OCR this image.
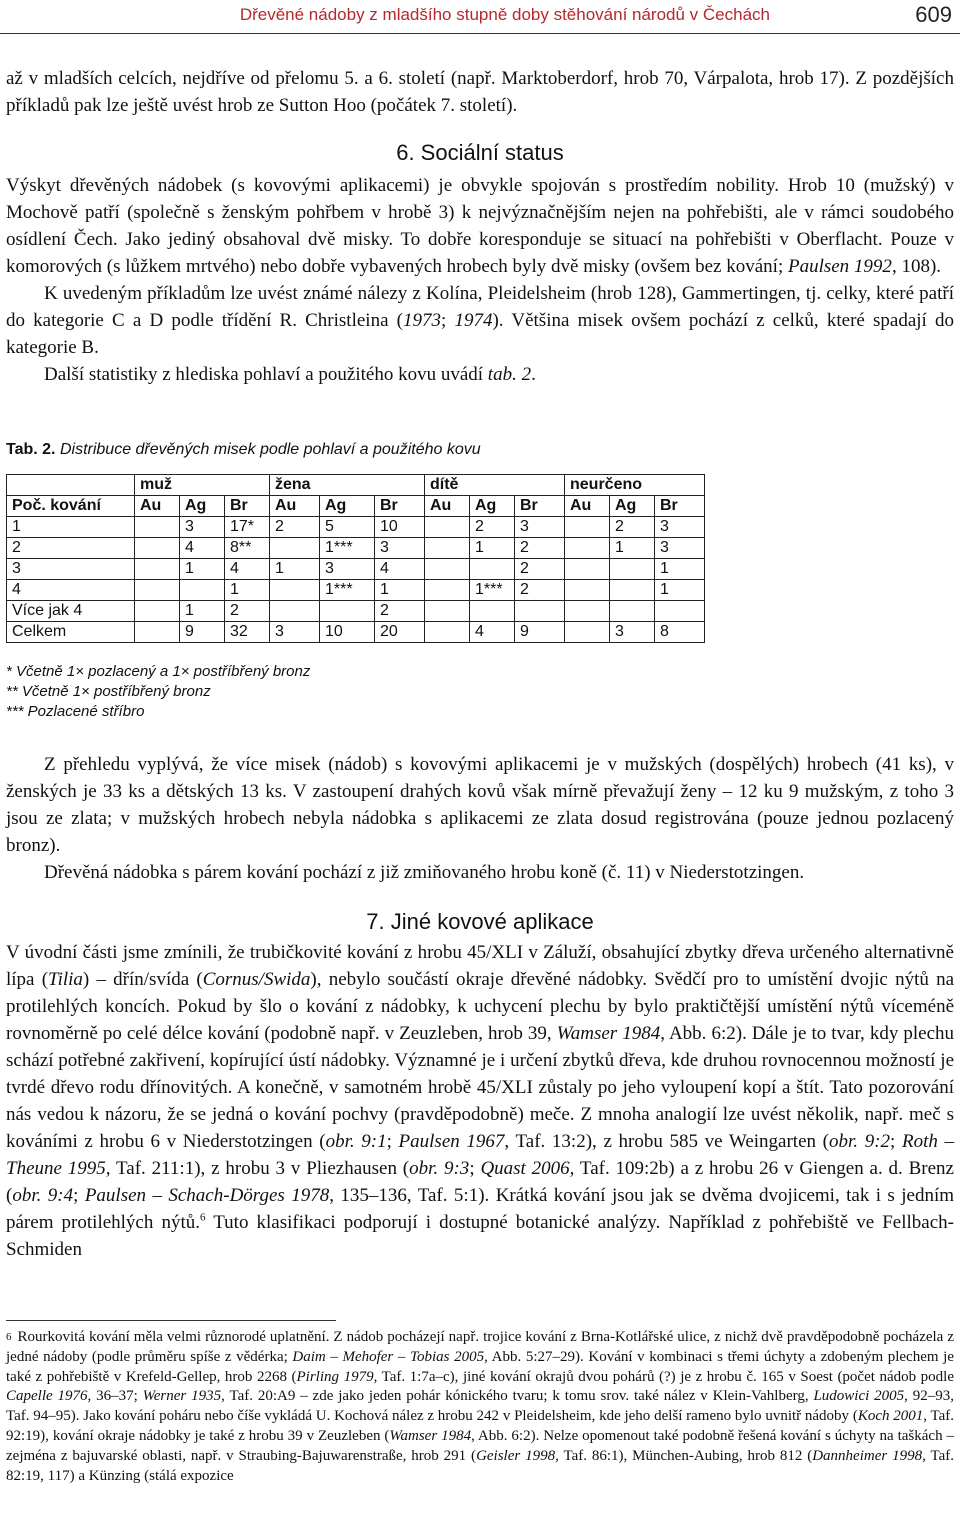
Dřevěné nádoby z mladšího stupně doby stěhování národů v Čechách	609

až v mladších celcích, nejdříve od přelomu 5. a 6. století (např. Marktoberdorf, hrob 70, Várpalota, hrob 17). Z pozdějších příkladů pak lze ještě uvést hrob ze Sutton Hoo (počátek 7. století).

6. Sociální status

Výskyt dřevěných nádobek (s kovovými aplikacemi) je obvykle spojován s prostředím nobility. Hrob 10 (mužský) v Mochově patří (společně s ženským pohřbem v hrobě 3) k nejvýznačnějším nejen na pohřebišti, ale v rámci soudobého osídlení Čech. Jako jediný obsahoval dvě misky. To dobře koresponduje se situací na pohřebišti v Oberflacht. Pouze v komorových (s lůžkem mrtvého) nebo dobře vybavených hrobech byly dvě misky (ovšem bez kování; Paulsen 1992, 108).

K uvedeným příkladům lze uvést známé nálezy z Kolína, Pleidelsheim (hrob 128), Gammertingen, tj. celky, které patří do kategorie C a D podle třídění R. Christleina (1973; 1974). Většina misek ovšem pochází z celků, které spadají do kategorie B.

Další statistiky z hlediska pohlaví a použitého kovu uvádí tab. 2.

Tab. 2. Distribuce dřevěných misek podle pohlaví a použitého kovu
	muž			žena			dítě			neurčeno		
Poč. kování	Au	Ag	Br	Au	Ag	Br	Au	Ag	Br	Au	Ag	Br
1		3	17*	2	5	10		2	3		2	3
2		4	8**		1***	3		1	2		1	3
3		1	4	1	3	4			2			1
4			1		1***	1		1***	2			1
Více jak 4		1	2			2						
Celkem		9	32	3	10	20		4	9		3	8
* Včetně 1× pozlacený a 1× postříbřený bronz
** Včetně 1× postříbřený bronz
*** Pozlacené stříbro

Z přehledu vyplývá, že více misek (nádob) s kovovými aplikacemi je v mužských (dospělých) hrobech (41 ks), v ženských je 33 ks a dětských 13 ks. V zastoupení drahých kovů však mírně převažují ženy – 12 ku 9 mužským, z toho 3 jsou ze zlata; v mužských hrobech nebyla nádobka s aplikacemi ze zlata dosud registrována (pouze jednou pozlacený bronz).

Dřevěná nádobka s párem kování pochází z již zmiňovaného hrobu koně (č. 11) v Niederstotzingen.

7. Jiné kovové aplikace

V úvodní části jsme zmínili, že trubičkovité kování z hrobu 45/XLI v Záluží, obsahující zbytky dřeva určeného alternativně lípa (Tilia) – dřín/svída (Cornus/Swida), nebylo součástí okraje dřevěné nádobky. Svědčí pro to umístění dvojic nýtů na protilehlých koncích. Pokud by šlo o kování z nádobky, k uchycení plechu by bylo praktičtější umístění nýtů víceméně rovnoměrně po celé délce kování (podobně např. v Zeuzleben, hrob 39, Wamser 1984, Abb. 6:2). Dále je to tvar, kdy plechu schází potřebné zakřivení, kopírující ústí nádobky. Významné je i určení zbytků dřeva, kde druhou rovnocennou možností je tvrdé dřevo rodu dřínovitých. A konečně, v samotném hrobě 45/XLI zůstaly po jeho vyloupení kopí a štít. Tato pozorování nás vedou k názoru, že se jedná o kování pochvy (pravděpodobně) meče. Z mnoha analogií lze uvést několik, např. meč s kováními z hrobu 6 v Niederstotzingen (obr. 9:1; Paulsen 1967, Taf. 13:2), z hrobu 585 ve Weingarten (obr. 9:2; Roth – Theune 1995, Taf. 211:1), z hrobu 3 v Pliezhausen (obr. 9:3; Quast 2006, Taf. 109:2b) a z hrobu 26 v Giengen a. d. Brenz (obr. 9:4; Paulsen – Schach-Dörges 1978, 135–136, Taf. 5:1). Krátká kování jsou jak se dvěma dvojicemi, tak i s jedním párem protilehlých nýtů.$^6$ Tuto klasifikaci podporují i dostupné botanické analýzy. Například z pohřebiště ve Fellbach-Schmiden

$^6$ Rourkovitá kování měla velmi různorodé uplatnění. Z nádob pocházejí např. trojice kování z Brna-Kotlářské ulice, z nichž dvě pravděpodobně pocházela z jedné nádoby (podle průměru spíše z vědérka; Daim – Mehofer – Tobias 2005, Abb. 5:27–29). Kování v kombinaci s třemi úchyty a zdobeným plechem je také z pohřebiště v Krefeld-Gellep, hrob 2268 (Pirling 1979, Taf. 1:7a–c), jiné kování okrajů dvou pohárů (?) je z hrobu č. 165 v Soest (počet nádob podle Capelle 1976, 36–37; Werner 1935, Taf. 20:A9 – zde jako jeden pohár kónického tvaru; k tomu srov. také nález v Klein-Vahlberg, Ludowici 2005, 92–93, Taf. 94–95). Jako kování poháru nebo číše vykládá U. Kochová nález z hrobu 242 v Pleidelsheim, kde jeho delší rameno bylo uvnitř nádoby (Koch 2001, Taf. 92:19), kování okraje nádobky je také z hrobu 39 v Zeuzleben (Wamser 1984, Abb. 6:2). Nelze opomenout také podobně řešená kování s úchyty na taškách – zejména z bajuvarské oblasti, např. v Straubing-Bajuwarenstraße, hrob 291 (Geisler 1998, Taf. 86:1), München-Aubing, hrob 812 (Dannheimer 1998, Taf. 82:19, 117) a Künzing (stálá expozice
